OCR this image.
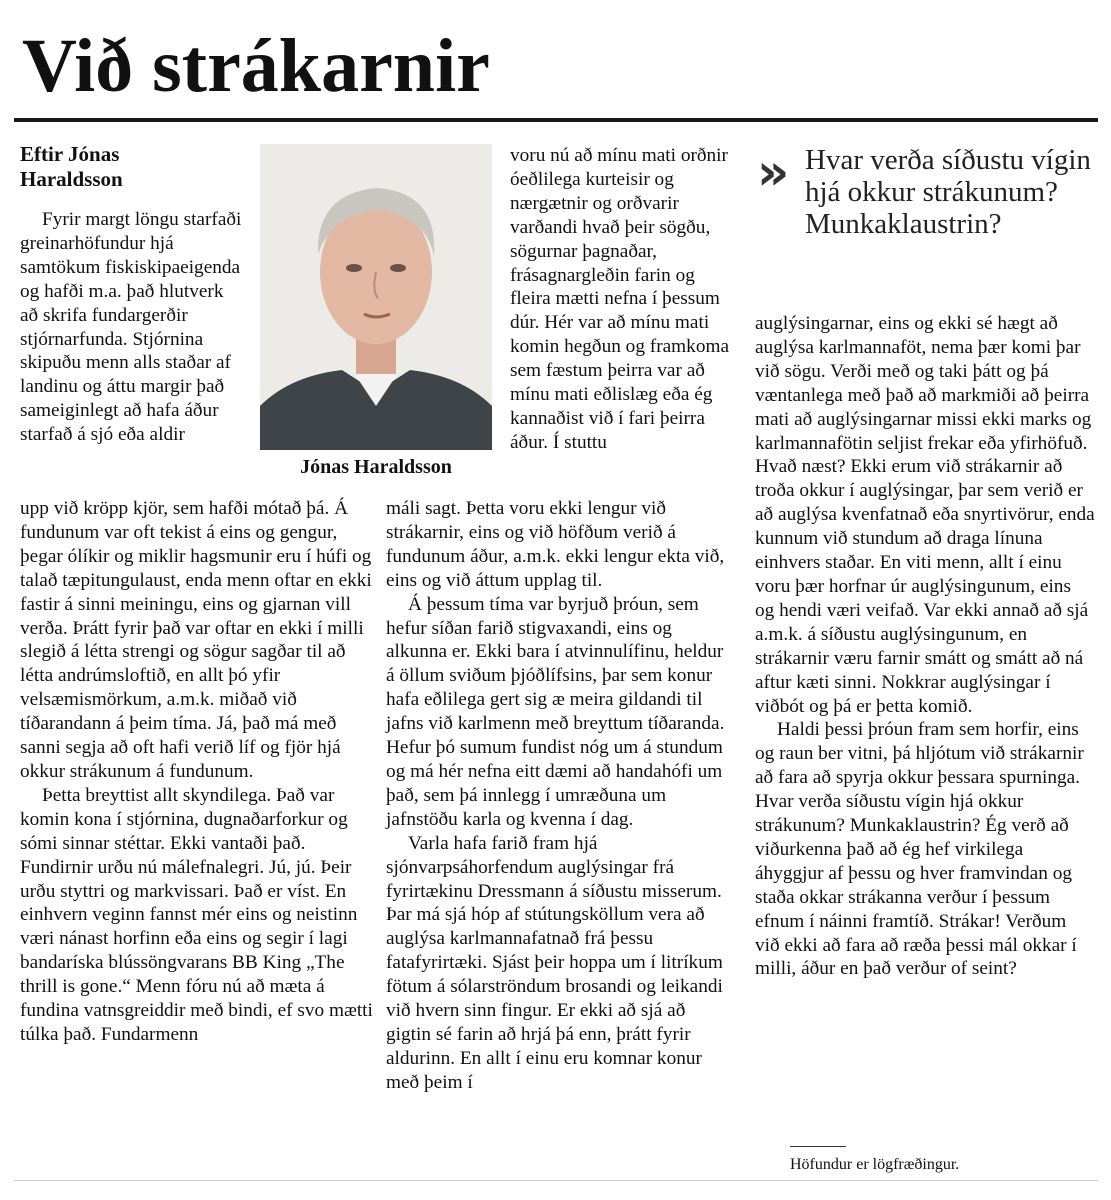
Við strákarnir

Eftir Jónas Haraldsson

Jónas Haraldsson

Fyrir margt löngu starfaði greinarhöfundur hjá samtökum fiskiskipaeigenda og hafði m.a. það hlutverk að skrifa fundargerðir stjórnarfunda. Stjórnina skipuðu menn alls staðar af landinu og áttu margir það sameiginlegt að hafa áður starfað á sjó eða aldir

upp við kröpp kjör, sem hafði mótað þá. Á fundunum var oft tekist á eins og gengur, þegar ólíkir og miklir hagsmunir eru í húfi og talað tæpitungulaust, enda menn oftar en ekki fastir á sinni meiningu, eins og gjarnan vill verða. Þrátt fyrir það var oftar en ekki í milli slegið á létta strengi og sögur sagðar til að létta andrúmsloftið, en allt þó yfir velsæmismörkum, a.m.k. miðað við tíðarandann á þeim tíma. Já, það má með sanni segja að oft hafi verið líf og fjör hjá okkur strákunum á fundunum.

Þetta breyttist allt skyndilega. Það var komin kona í stjórnina, dugnaðarforkur og sómi sinnar stéttar. Ekki vantaði það. Fundirnir urðu nú málefnalegri. Jú, jú. Þeir urðu styttri og markvissari. Það er víst. En einhvern veginn fannst mér eins og neistinn væri nánast horfinn eða eins og segir í lagi bandaríska blússöngvarans BB King „The thrill is gone.“ Menn fóru nú að mæta á fundina vatnsgreiddir með bindi, ef svo mætti túlka það. Fundarmenn

voru nú að mínu mati orðnir óeðlilega kurteisir og nærgætnir og orðvarir varðandi hvað þeir sögðu, sögurnar þagnaðar, frásagnargleðin farin og fleira mætti nefna í þessum dúr. Hér var að mínu mati komin hegðun og framkoma sem fæstum þeirra var að mínu mati eðlislæg eða ég kannaðist við í fari þeirra áður. Í stuttu

máli sagt. Þetta voru ekki lengur við strákarnir, eins og við höfðum verið á fundunum áður, a.m.k. ekki lengur ekta við, eins og við áttum upplag til.

Á þessum tíma var byrjuð þróun, sem hefur síðan farið stigvaxandi, eins og alkunna er. Ekki bara í atvinnulífinu, heldur á öllum sviðum þjóðlífsins, þar sem konur hafa eðlilega gert sig æ meira gildandi til jafns við karlmenn með breyttum tíðaranda. Hefur þó sumum fundist nóg um á stundum og má hér nefna eitt dæmi að handahófi um það, sem þá innlegg í umræðuna um jafnstöðu karla og kvenna í dag.

Varla hafa farið fram hjá sjónvarpsáhorfendum auglýsingar frá fyrirtækinu Dressmann á síðustu misserum. Þar má sjá hóp af stútungsköllum vera að auglýsa karlmannafatnað frá þessu fatafyrirtæki. Sjást þeir hoppa um í litríkum fötum á sólarströndum brosandi og leikandi við hvern sinn fingur. Er ekki að sjá að gigtin sé farin að hrjá þá enn, þrátt fyrir aldurinn. En allt í einu eru komnar konur með þeim í

» Hvar verða síðustu vígin hjá okkur strákunum? Munkaklaustrin?

auglýsingarnar, eins og ekki sé hægt að auglýsa karlmannaföt, nema þær komi þar við sögu. Verði með og taki þátt og þá væntanlega með það að markmiði að þeirra mati að auglýsingarnar missi ekki marks og karlmannafötin seljist frekar eða yfirhöfuð. Hvað næst? Ekki erum við strákarnir að troða okkur í auglýsingar, þar sem verið er að auglýsa kvenfatnað eða snyrtivörur, enda kunnum við stundum að draga línuna einhvers staðar. En viti menn, allt í einu voru þær horfnar úr auglýsingunum, eins og hendi væri veifað. Var ekki annað að sjá a.m.k. á síðustu auglýsingunum, en strákarnir væru farnir smátt og smátt að ná aftur kæti sinni. Nokkrar auglýsingar í viðbót og þá er þetta komið.

Haldi þessi þróun fram sem horfir, eins og raun ber vitni, þá hljótum við strákarnir að fara að spyrja okkur þessara spurninga. Hvar verða síðustu vígin hjá okkur strákunum? Munkaklaustrin? Ég verð að viðurkenna það að ég hef virkilega áhyggjur af þessu og hver framvindan og staða okkar strákanna verður í þessum efnum í náinni framtíð. Strákar! Verðum við ekki að fara að ræða þessi mál okkar í milli, áður en það verður of seint?

Höfundur er lögfræðingur.
